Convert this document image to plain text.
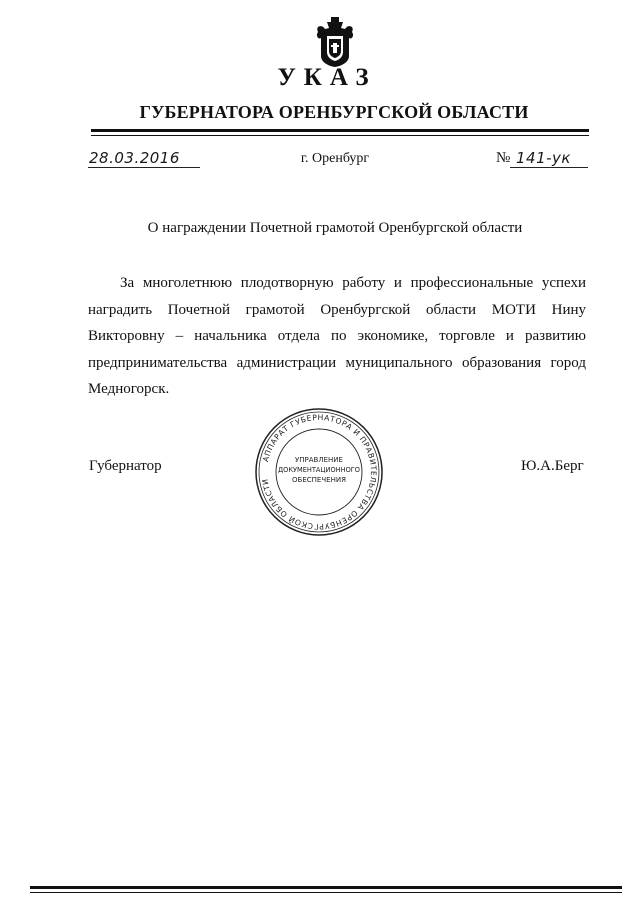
УКАЗ
ГУБЕРНАТОРА ОРЕНБУРГСКОЙ ОБЛАСТИ
28.03.2016	г. Оренбург	№ 141-ук
О награждении Почетной грамотой Оренбургской области
За многолетнюю плодотворную работу и профессиональные успехи наградить Почетной грамотой Оренбургской области МОТИ Нину Викторовну – начальника отдела по экономике, торговле и развитию предпринимательства администрации муниципального образования город Медногорск.
Губернатор	Ю.А.Берг
АППАРАТ ГУБЕРНАТОРА И ПРАВИТЕЛЬСТВА ОРЕНБУРГСКОЙ ОБЛАСТИ
УПРАВЛЕНИЕ
ДОКУМЕНТАЦИОННОГО
ОБЕСПЕЧЕНИЯ
